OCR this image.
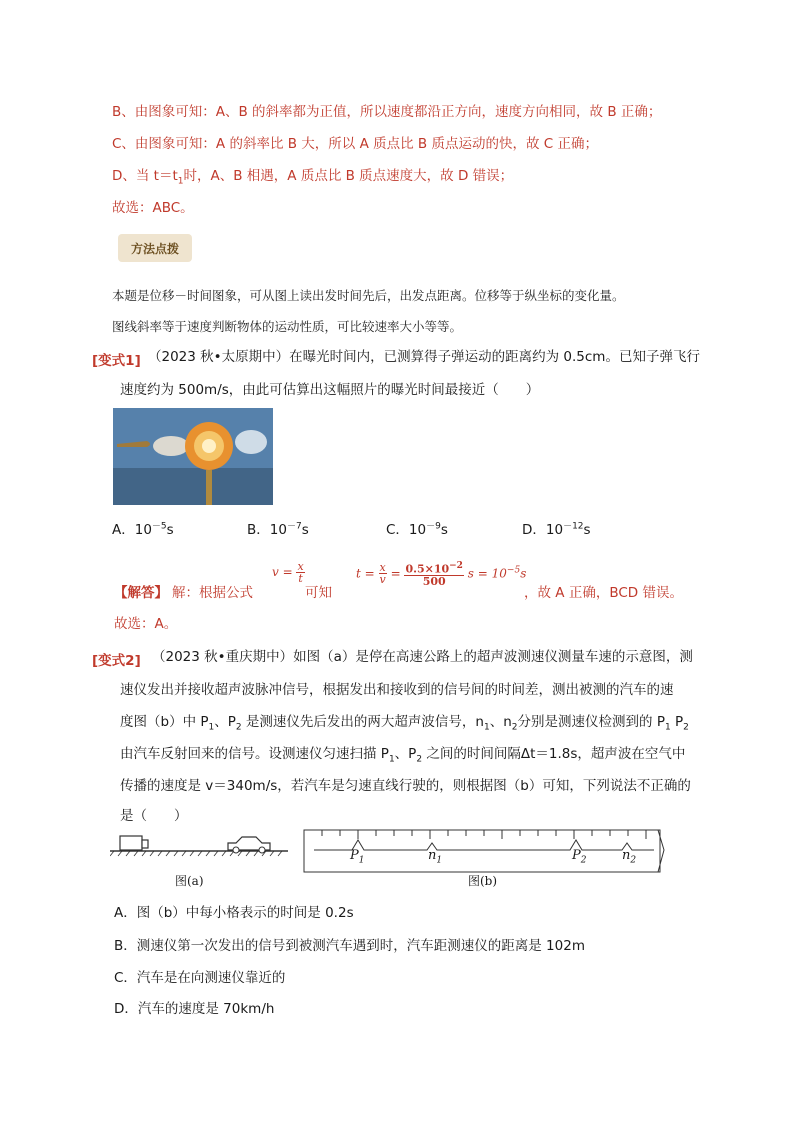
B、由图象可知：A、B 的斜率都为正值，所以速度都沿正方向，速度方向相同，故 B 正确；
C、由图象可知：A 的斜率比 B 大，所以 A 质点比 B 质点运动的快，故 C 正确；
D、当 $t=t_1$时，A、B 相遇，A 质点比 B 质点速度大，故 D 错误；
故选：ABC。
方法点拨
本题是位移－时间图象，可从图上读出发时间先后，出发点距离。位移等于纵坐标的变化量。
图线斜率等于速度判断物体的运动性质，可比较速率大小等等。
[变式1] （2023 秋•太原期中）在曝光时间内，已测算得子弹运动的距离约为 0.5cm。已知子弹飞行
速度约为 500m/s，由此可估算出这幅照片的曝光时间最接近（　　）
A．$10^{-5}s$	B．$10^{-7}s$	C．$10^{-9}s$	D．$10^{-12}s$
$v = \frac{x}{t}$	$t = \frac{x}{v} = \frac{0.5\times 10^{-2}}{500}$ $s = 10^{-5}s$
【解答】 解：根据公式	可知	，故 A 正确，BCD 错误。
故选：A。
[变式2] （2023 秋•重庆期中）如图（a）是停在高速公路上的超声波测速仪测量车速的示意图，测
速仪发出并接收超声波脉冲信号，根据发出和接收到的信号间的时间差，测出被测的汽车的速
度图（b）中 $P_1$、$P_2$ 是测速仪先后发出的两大超声波信号，$n_1$、$n_2$分别是测速仪检测到的 $P_1$ $P_2$
由汽车反射回来的信号。设测速仪匀速扫描 $P_1$、$P_2$ 之间的时间间隔Δt＝1.8s，超声波在空气中
传播的速度是 v＝340m/s，若汽车是匀速直线行驶的，则根据图（b）可知，下列说法不正确的
是（　　）
图(a)
$P_1$	$n_1$	$P_2$	$n_2$
图(b)
A．图（b）中每小格表示的时间是 0.2s
B．测速仪第一次发出的信号到被测汽车遇到时，汽车距测速仪的距离是 102m
C．汽车是在向测速仪靠近的
D．汽车的速度是 70km/h
